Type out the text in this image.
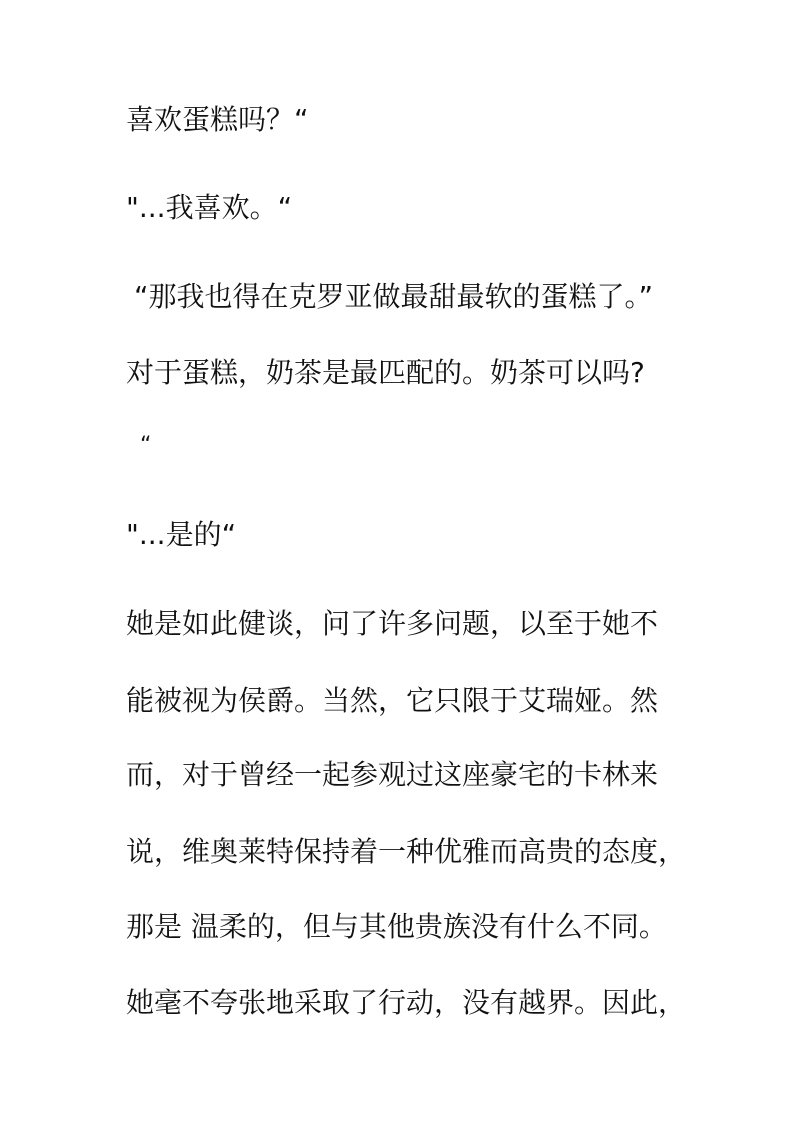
喜欢蛋糕吗？“
"...我喜欢。“
“那我也得在克罗亚做最甜最软的蛋糕了。”
对于蛋糕，奶茶是最匹配的。奶茶可以吗?
“
"...是的“
她是如此健谈，问了许多问题，以至于她不
能被视为侯爵。当然，它只限于艾瑞娅。然
而，对于曾经一起参观过这座豪宅的卡林来
说，维奥莱特保持着一种优雅而高贵的态度，
那是 温柔的，但与其他贵族没有什么不同。
她毫不夸张地采取了行动，没有越界。因此，
